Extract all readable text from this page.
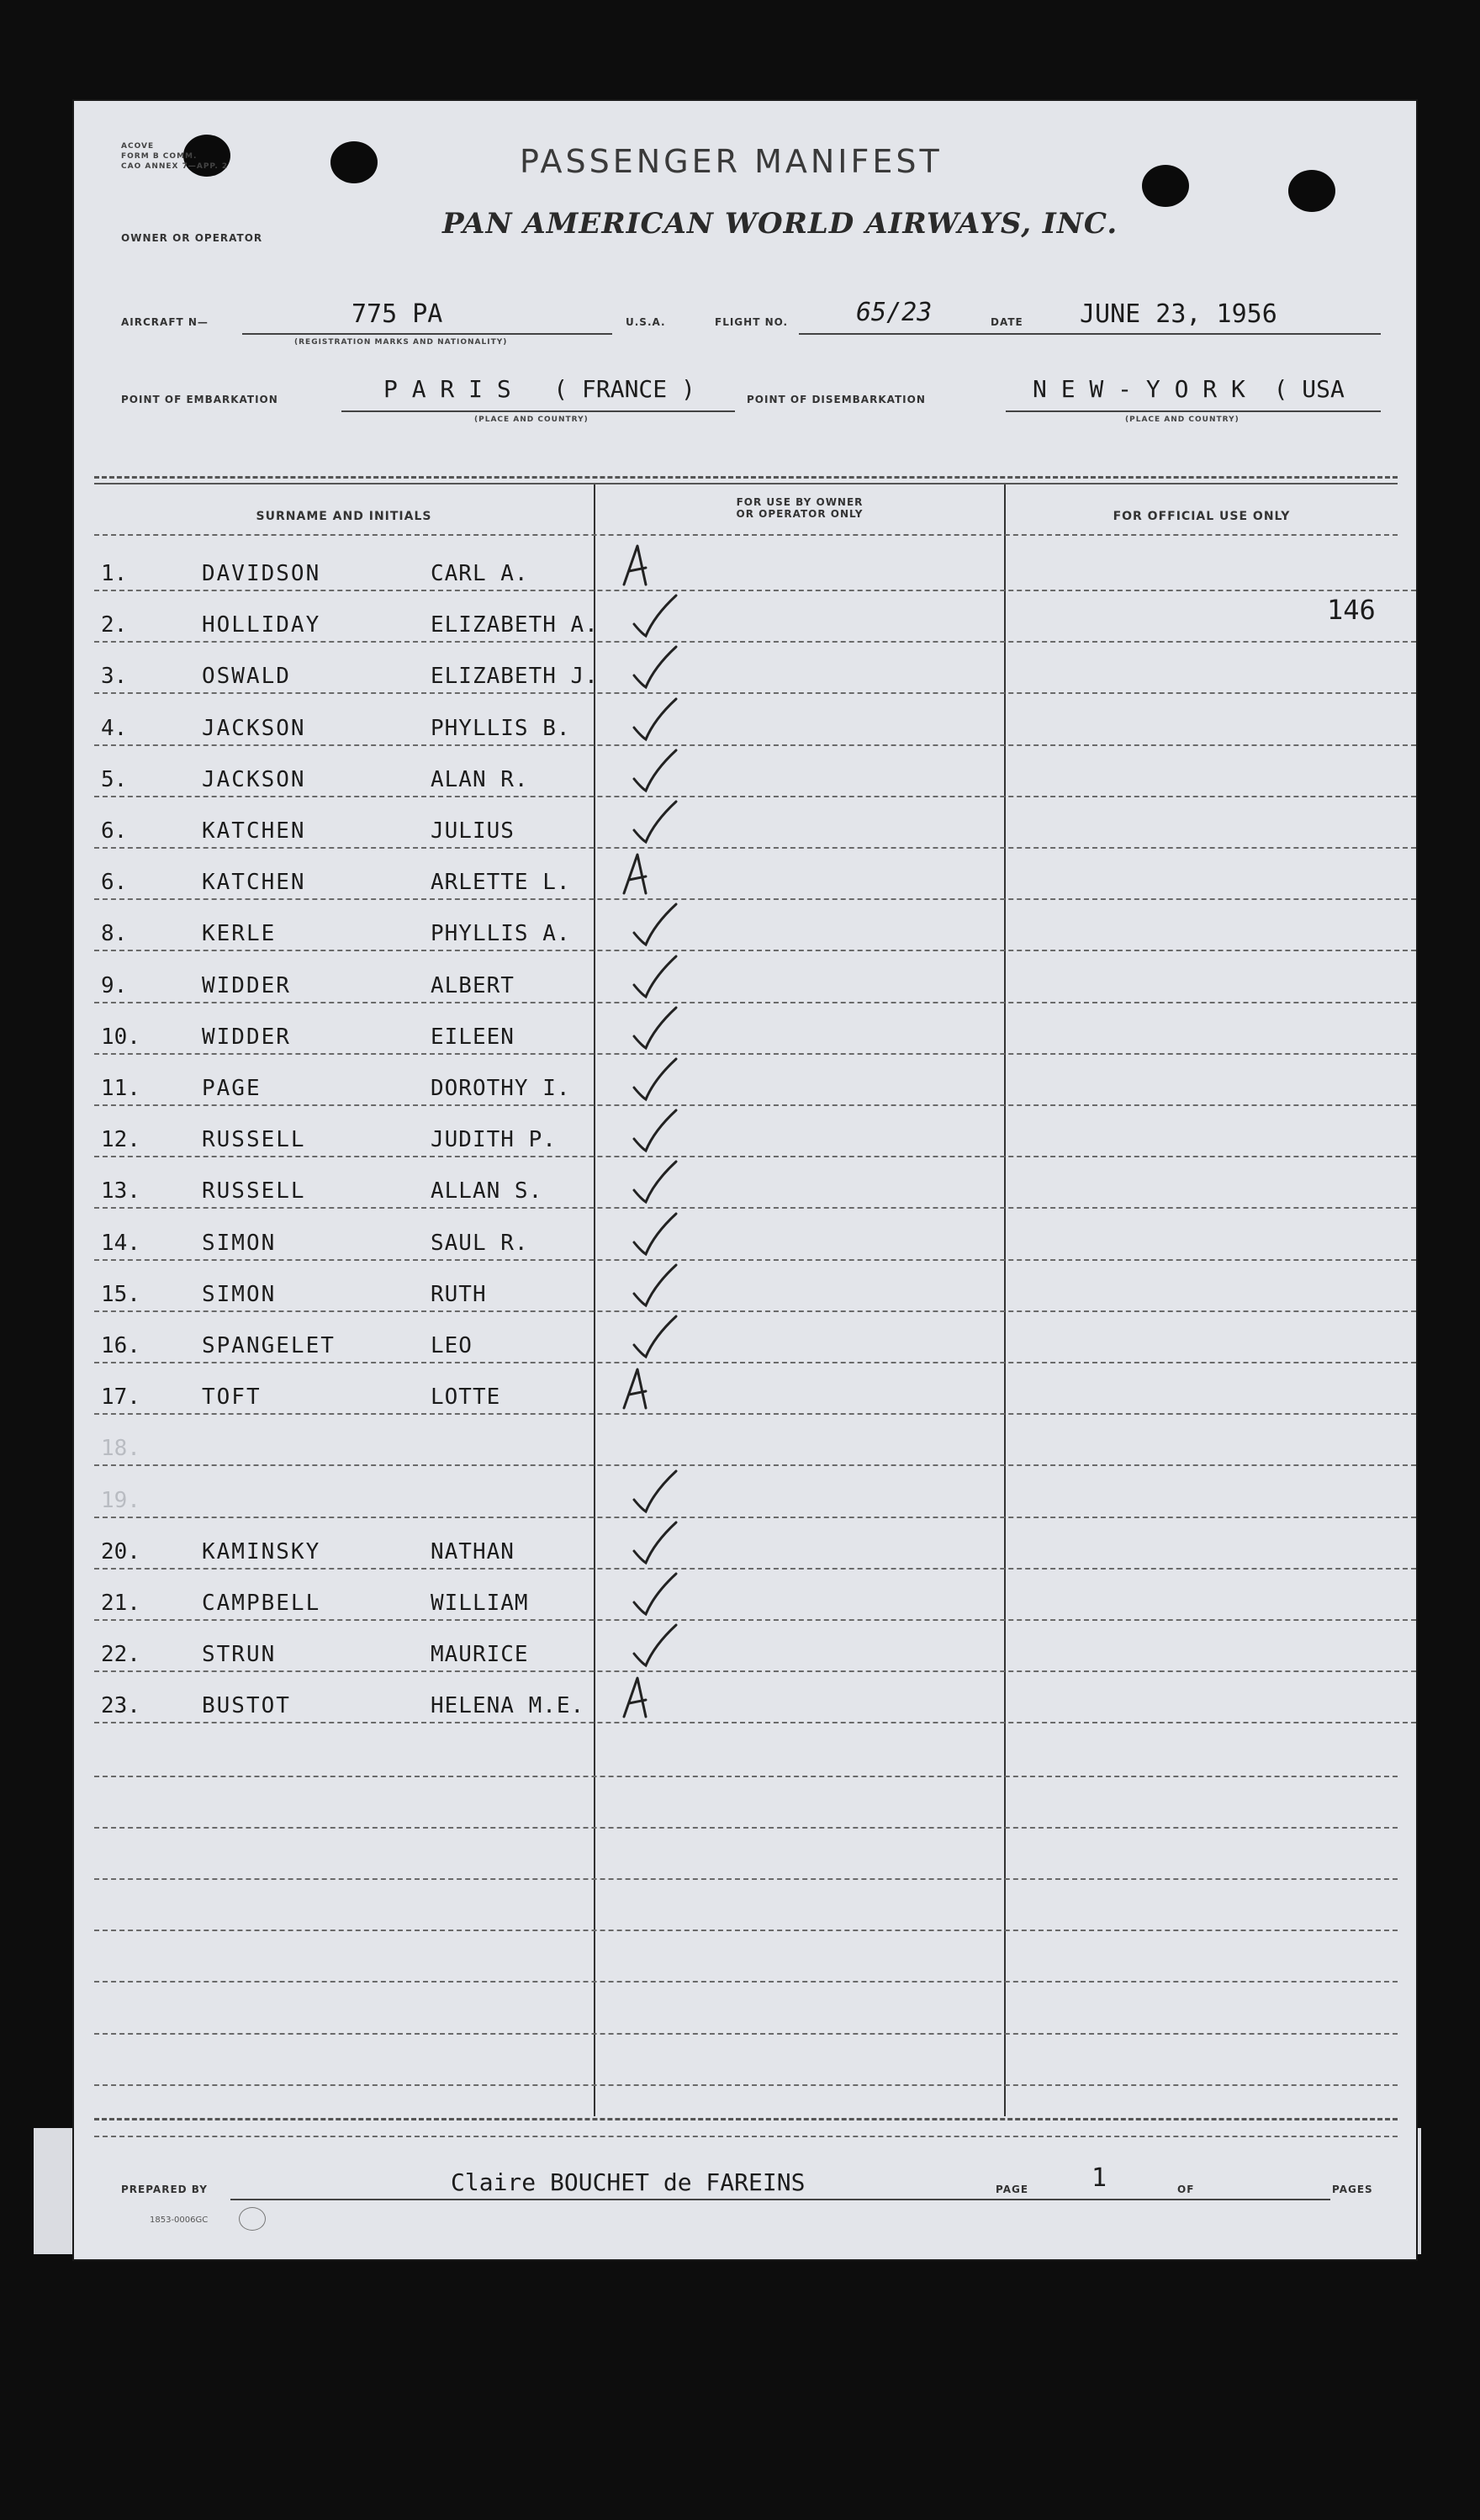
ACOVE
FORM B COMM.
CAO ANNEX 7—APP. 2	PASSENGER MANIFEST
OWNER OR OPERATOR	PAN AMERICAN WORLD AIRWAYS, INC.
AIRCRAFT N—	775 PA
(REGISTRATION MARKS AND NATIONALITY)
U.S.A.	FLIGHT NO.	65/23	DATE JUNE 23, 1956
POINT OF EMBARKATION	P A R I S   ( FRANCE )
(PLACE AND COUNTRY)
POINT OF DISEMBARKATION	N E W - Y O R K  ( USA
(PLACE AND COUNTRY)
SURNAME AND INITIALS
FOR USE BY OWNER
OR OPERATOR ONLY	FOR OFFICIAL USE ONLY
146
1.	DAVIDSON	CARL A.
2.	HOLLIDAY	ELIZABETH A.
3.	OSWALD	ELIZABETH J.
4.	JACKSON	PHYLLIS B.
5.	JACKSON	ALAN R.
6.	KATCHEN	JULIUS
6.	KATCHEN	ARLETTE L.
8.	KERLE	PHYLLIS A.
9.	WIDDER	ALBERT
10.	WIDDER	EILEEN
11.	PAGE	DOROTHY I.
12.	RUSSELL	JUDITH P.
13.	RUSSELL	ALLAN S.
14.	SIMON	SAUL R.
15.	SIMON	RUTH
16.	SPANGELET	LEO
17.	TOFT	LOTTE
18.
19.
20.	KAMINSKY	NATHAN
21.	CAMPBELL	WILLIAM
22.	STRUN	MAURICE
23.	BUSTOT	HELENA M.E.
PREPARED BY	Claire BOUCHET de FAREINS	PAGE 1	OF	PAGES
1853-0006GC
